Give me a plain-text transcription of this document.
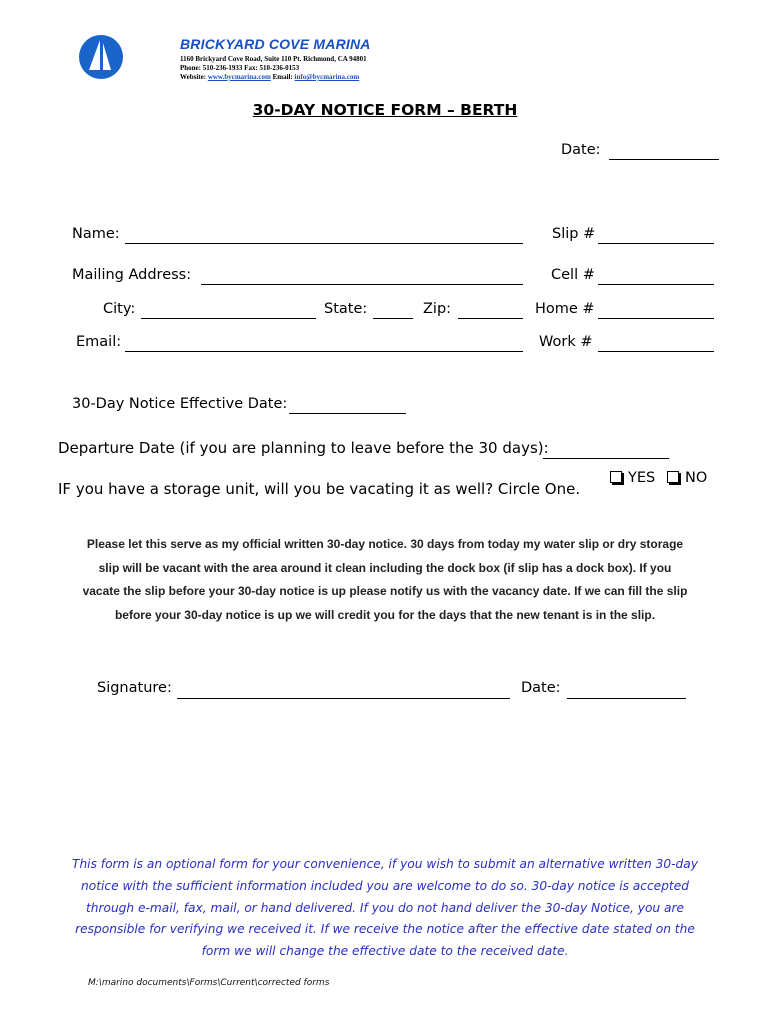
BRICKYARD COVE MARINA
1160 Brickyard Cove Road, Suite 110 Pt. Richmond, CA 94801
Phone: 510-236-1933 Fax: 510-236-0153
Website: www.bycmarina.com Email: info@bycmarina.com
30-DAY NOTICE FORM – BERTH
Date:
Name:	Slip #
Mailing Address:	Cell #
City:	State:	Zip:	Home #
Email:	Work #
30-Day Notice Effective Date:
Departure Date (if you are planning to leave before the 30 days):
IF you have a storage unit, will you be vacating it as well? Circle One.
YES	NO
Please let this serve as my official written 30-day notice. 30 days from today my water slip or dry storage slip will be vacant with the area around it clean including the dock box (if slip has a dock box). If you vacate the slip before your 30-day notice is up please notify us with the vacancy date. If we can fill the slip before your 30-day notice is up we will credit you for the days that the new tenant is in the slip.
Signature:	Date:
This form is an optional form for your convenience, if you wish to submit an alternative written 30-day notice with the sufficient information included you are welcome to do so. 30-day notice is accepted through e-mail, fax, mail, or hand delivered. If you do not hand deliver the 30-day Notice, you are responsible for verifying we received it. If we receive the notice after the effective date stated on the form we will change the effective date to the received date.
M:\marino documents\Forms\Current\corrected forms
